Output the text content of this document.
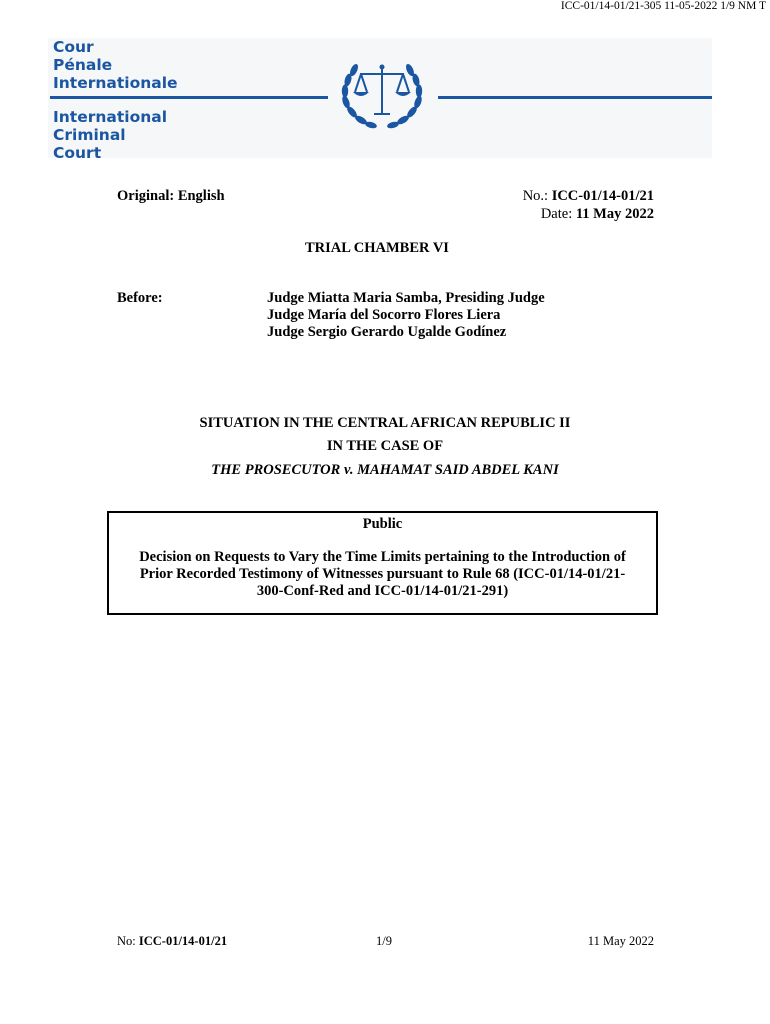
ICC-01/14-01/21-305 11-05-2022 1/9 NM T
Cour
Pénale
Internationale
International
Criminal
Court
Original: English	No.: ICC-01/14-01/21
Date: 11 May 2022
TRIAL CHAMBER VI
Before:	Judge Miatta Maria Samba, Presiding Judge
Judge María del Socorro Flores Liera
Judge Sergio Gerardo Ugalde Godínez
SITUATION IN THE CENTRAL AFRICAN REPUBLIC II
IN THE CASE OF
THE PROSECUTOR v. MAHAMAT SAID ABDEL KANI
Public
Decision on Requests to Vary the Time Limits pertaining to the Introduction of
Prior Recorded Testimony of Witnesses pursuant to Rule 68 (ICC-01/14-01/21-
300-Conf-Red and ICC-01/14-01/21-291)
No: ICC-01/14-01/21	1/9	11 May 2022
